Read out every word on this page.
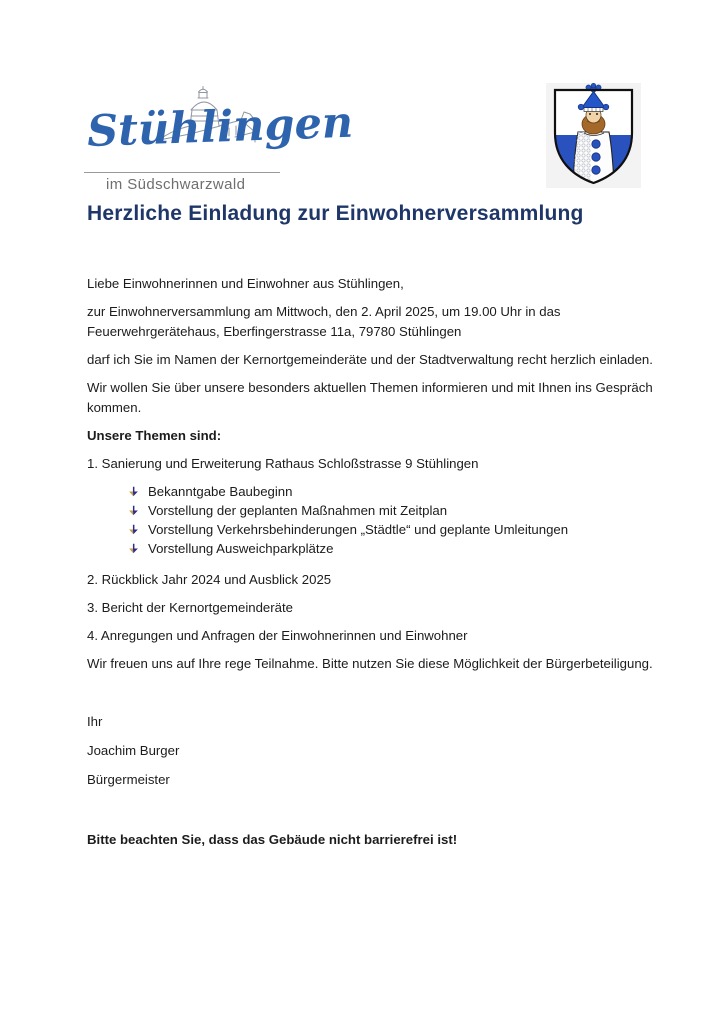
Stühlingen
im Südschwarzwald
Herzliche Einladung zur Einwohnerversammlung

Liebe Einwohnerinnen und Einwohner aus Stühlingen,

zur Einwohnerversammlung am Mittwoch, den 2. April 2025, um 19.00 Uhr in das Feuerwehrgerätehaus, Eberfingerstrasse 11a, 79780 Stühlingen

darf ich Sie im Namen der Kernortgemeinderäte und der Stadtverwaltung recht herzlich einladen.

Wir wollen Sie über unsere besonders aktuellen Themen informieren und mit Ihnen ins Gespräch kommen.

Unsere Themen sind:

1. Sanierung und Erweiterung Rathaus Schloßstrasse 9 Stühlingen

Bekanntgabe Baubeginn
Vorstellung der geplanten Maßnahmen mit Zeitplan
Vorstellung Verkehrsbehinderungen „Städtle“ und geplante Umleitungen
Vorstellung Ausweichparkplätze

2. Rückblick Jahr 2024 und Ausblick 2025

3. Bericht der Kernortgemeinderäte

4. Anregungen und Anfragen der Einwohnerinnen und Einwohner

Wir freuen uns auf Ihre rege Teilnahme. Bitte nutzen Sie diese Möglichkeit der Bürgerbeteiligung.

Ihr

Joachim Burger

Bürgermeister

Bitte beachten Sie, dass das Gebäude nicht barrierefrei ist!
